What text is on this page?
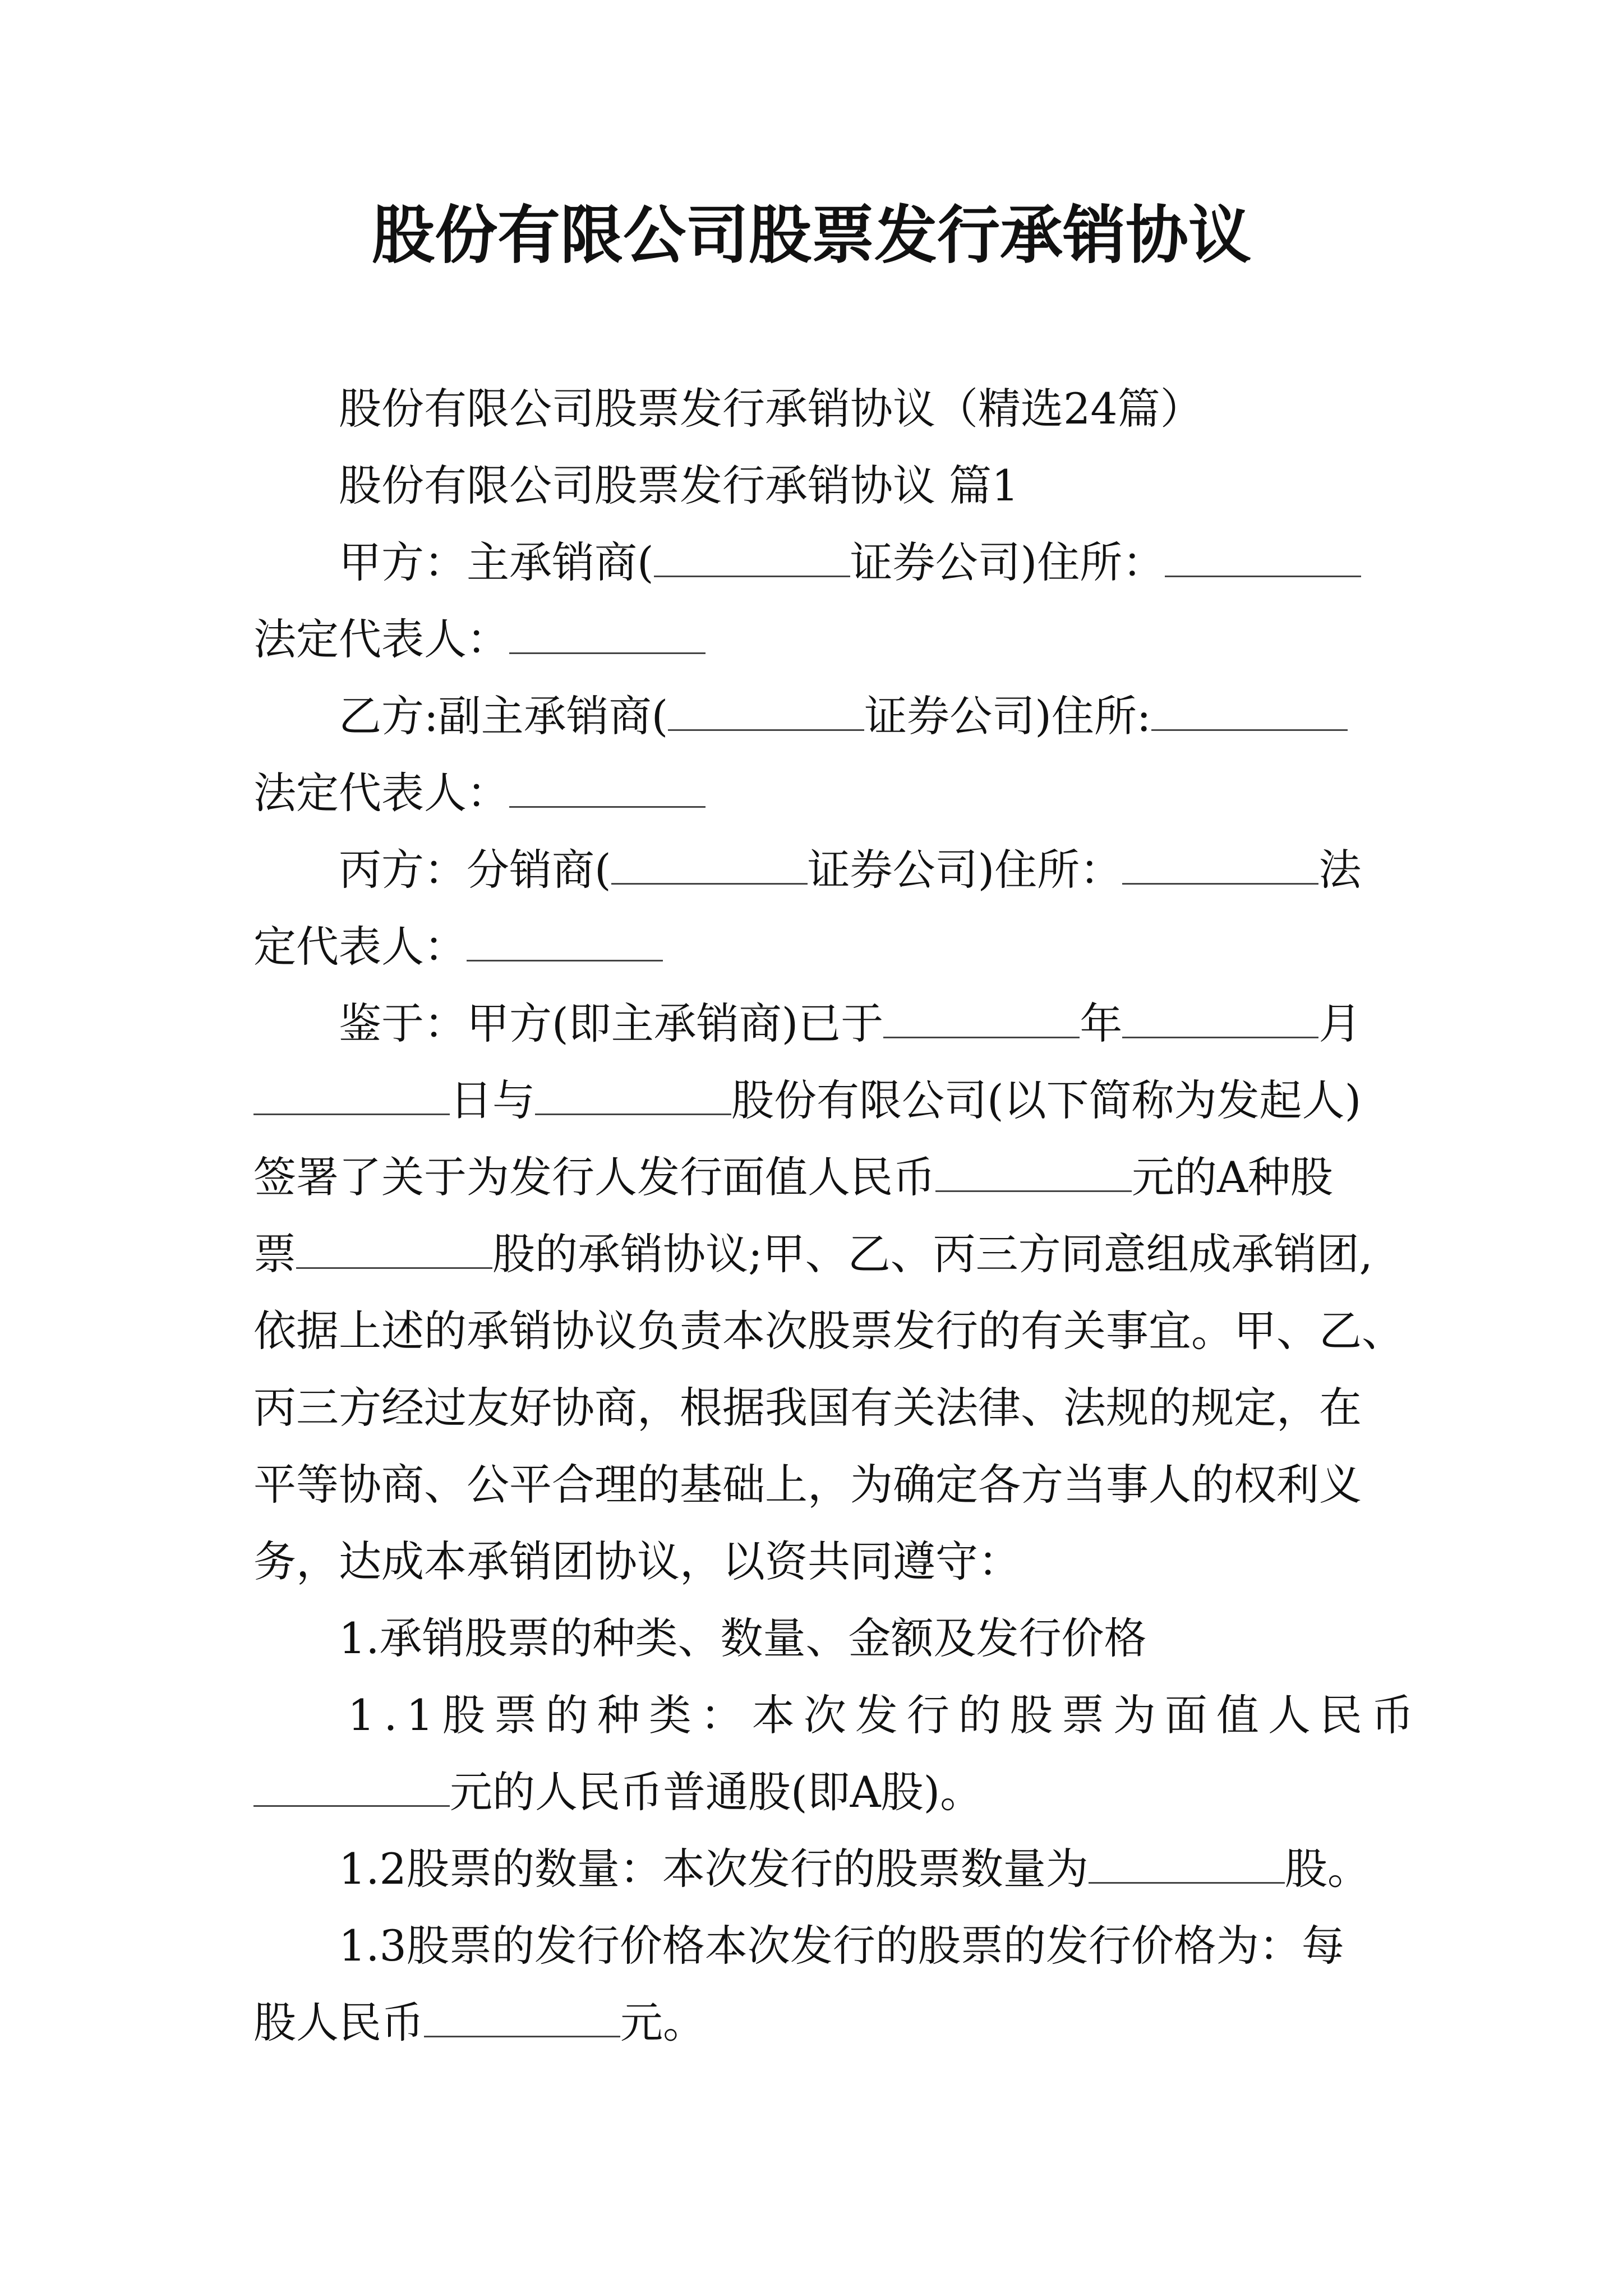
股份有限公司股票发行承销协议
股份有限公司股票发行承销协议（精选24篇）
股份有限公司股票发行承销协议 篇1
甲方：主承销商(	证券公司)住所：
法定代表人：
乙方:副主承销商(	证券公司)住所:
法定代表人：
丙方：分销商(	证券公司)住所：	法
定代表人：
鉴于：甲方(即主承销商)已于	年	月
日与	股份有限公司(以下简称为发起人)
签署了关于为发行人发行面值人民币	元的A种股
票	股的承销协议;甲、乙、丙三方同意组成承销团,
依据上述的承销协议负责本次股票发行的有关事宜。甲、乙、
丙三方经过友好协商，根据我国有关法律、法规的规定，在
平等协商、公平合理的基础上，为确定各方当事人的权利义
务，达成本承销团协议，以资共同遵守：
1.承销股票的种类、数量、金额及发行价格
1.1股票的种类：本次发行的股票为面值人民币
元的人民币普通股(即A股)。
1.2股票的数量：本次发行的股票数量为	股。
1.3股票的发行价格本次发行的股票的发行价格为：每
股人民币	元。
